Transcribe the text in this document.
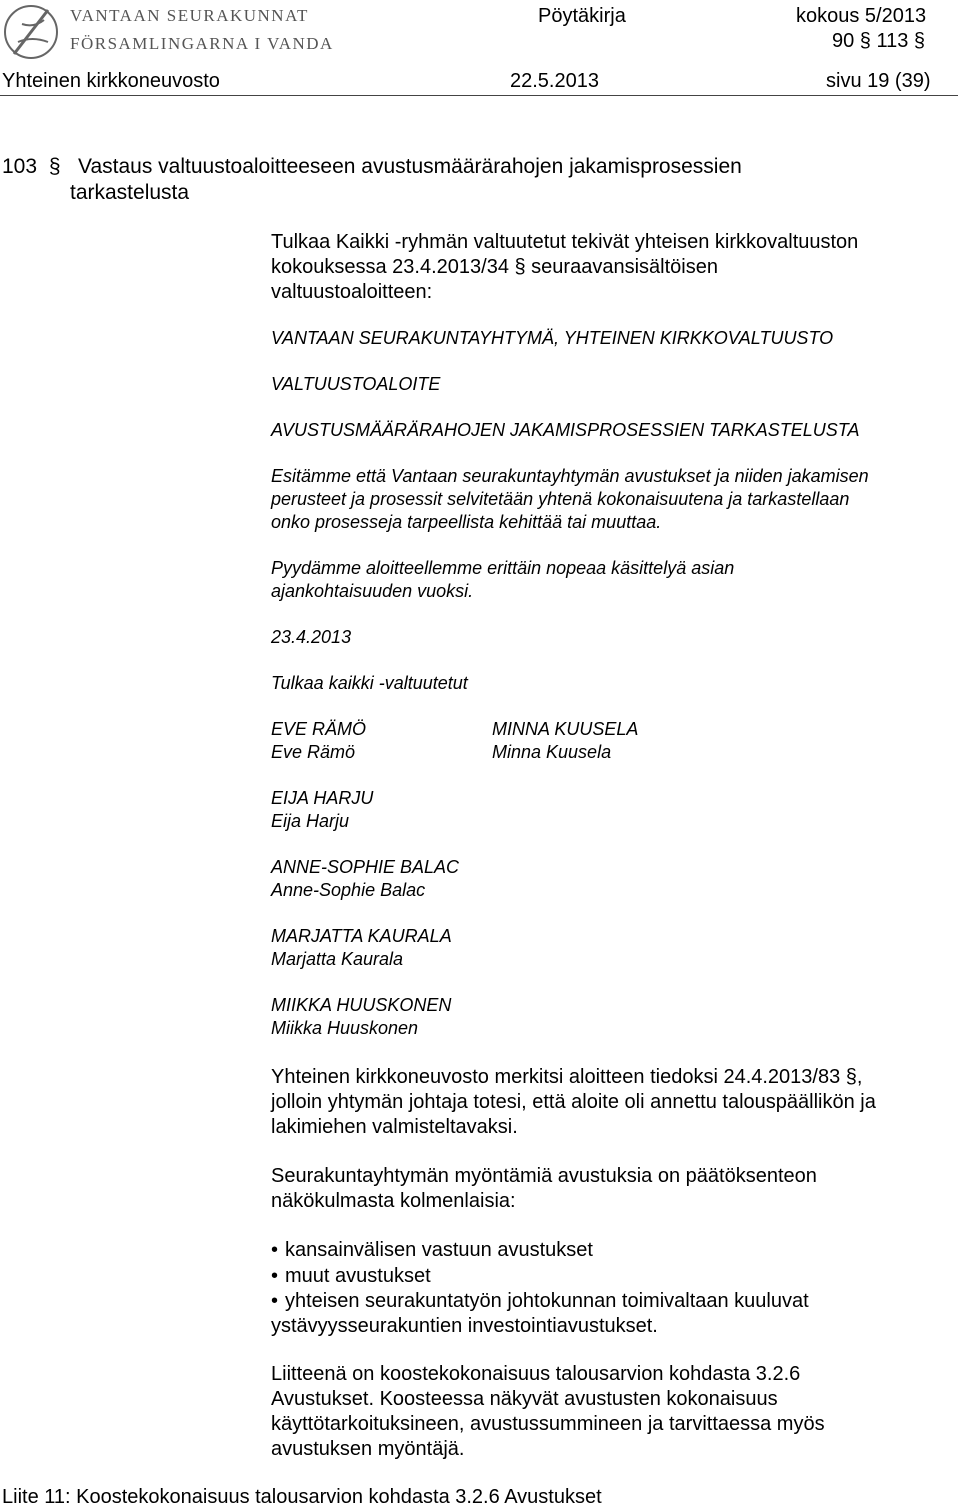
VANTAAN SEURAKUNNAT
FÖRSAMLINGARNA I VANDA
Pöytäkirja	kokous 5/2013
90 § 113 §
Yhteinen kirkkoneuvosto	22.5.2013	sivu 19 (39)
103 § Vastaus valtuustoaloitteeseen avustusmäärärahojen jakamisprosessien
tarkastelusta
Tulkaa Kaikki -ryhmän valtuutetut tekivät yhteisen kirkkovaltuuston
kokouksessa 23.4.2013/34 § seuraavansisältöisen
valtuustoaloitteen:
VANTAAN SEURAKUNTAYHTYMÄ, YHTEINEN KIRKKOVALTUUSTO
VALTUUSTOALOITE
AVUSTUSMÄÄRÄRAHOJEN JAKAMISPROSESSIEN TARKASTELUSTA
Esitämme että Vantaan seurakuntayhtymän avustukset ja niiden jakamisen
perusteet ja prosessit selvitetään yhtenä kokonaisuutena ja tarkastellaan
onko prosesseja tarpeellista kehittää tai muuttaa.
Pyydämme aloitteellemme erittäin nopeaa käsittelyä asian
ajankohtaisuuden vuoksi.
23.4.2013
Tulkaa kaikki -valtuutetut
EVE RÄMÖ
Eve Rämö
MINNA KUUSELA
Minna Kuusela
EIJA HARJU
Eija Harju
ANNE-SOPHIE BALAC
Anne-Sophie Balac
MARJATTA KAURALA
Marjatta Kaurala
MIIKKA HUUSKONEN
Miikka Huuskonen
Yhteinen kirkkoneuvosto merkitsi aloitteen tiedoksi 24.4.2013/83 §,
jolloin yhtymän johtaja totesi, että aloite oli annettu talouspäällikön ja
lakimiehen valmisteltavaksi.
Seurakuntayhtymän myöntämiä avustuksia on päätöksenteon
näkökulmasta kolmenlaisia:
• kansainvälisen vastuun avustukset
• muut avustukset
• yhteisen seurakuntatyön johtokunnan toimivaltaan kuuluvat
ystävyysseurakuntien investointiavustukset.
Liitteenä on koostekokonaisuus talousarvion kohdasta 3.2.6
Avustukset. Koosteessa näkyvät avustusten kokonaisuus
käyttötarkoituksineen, avustussummineen ja tarvittaessa myös
avustuksen myöntäjä.
Liite 11: Koostekokonaisuus talousarvion kohdasta 3.2.6 Avustukset
